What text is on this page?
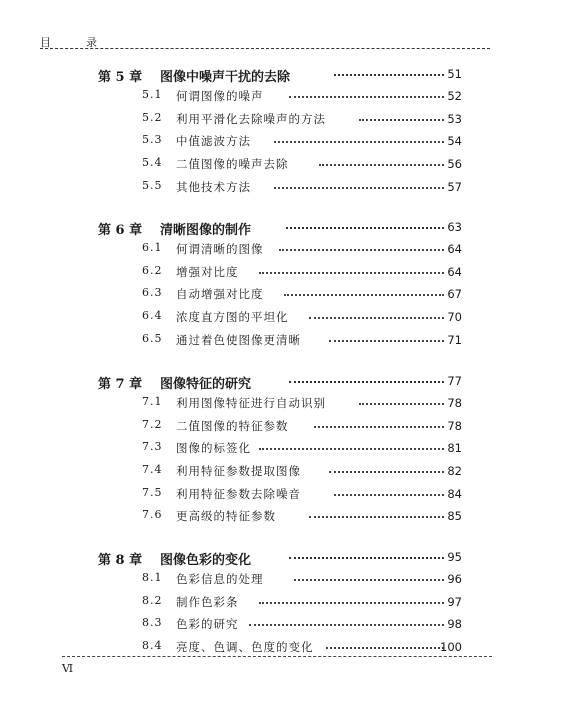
目	录
第 5 章 图像中噪声干扰的去除	51
5.1 何谓图像的噪声	52
5.2 利用平滑化去除噪声的方法	53
5.3 中值滤波方法	54
5.4 二值图像的噪声去除	56
5.5 其他技术方法	57
第 6 章 清晰图像的制作	63
6.1 何谓清晰的图像	64
6.2 增强对比度	64
6.3 自动增强对比度	67
6.4 浓度直方图的平坦化	70
6.5 通过着色使图像更清晰	71
第 7 章 图像特征的研究	77
7.1 利用图像特征进行自动识别	78
7.2 二值图像的特征参数	78
7.3 图像的标签化	81
7.4 利用特征参数提取图像	82
7.5 利用特征参数去除噪音	84
7.6 更高级的特征参数	85
第 8 章 图像色彩的变化	95
8.1 色彩信息的处理	96
8.2 制作色彩条	97
8.3 色彩的研究	98
8.4 亮度、色调、色度的变化	100
Ⅵ
